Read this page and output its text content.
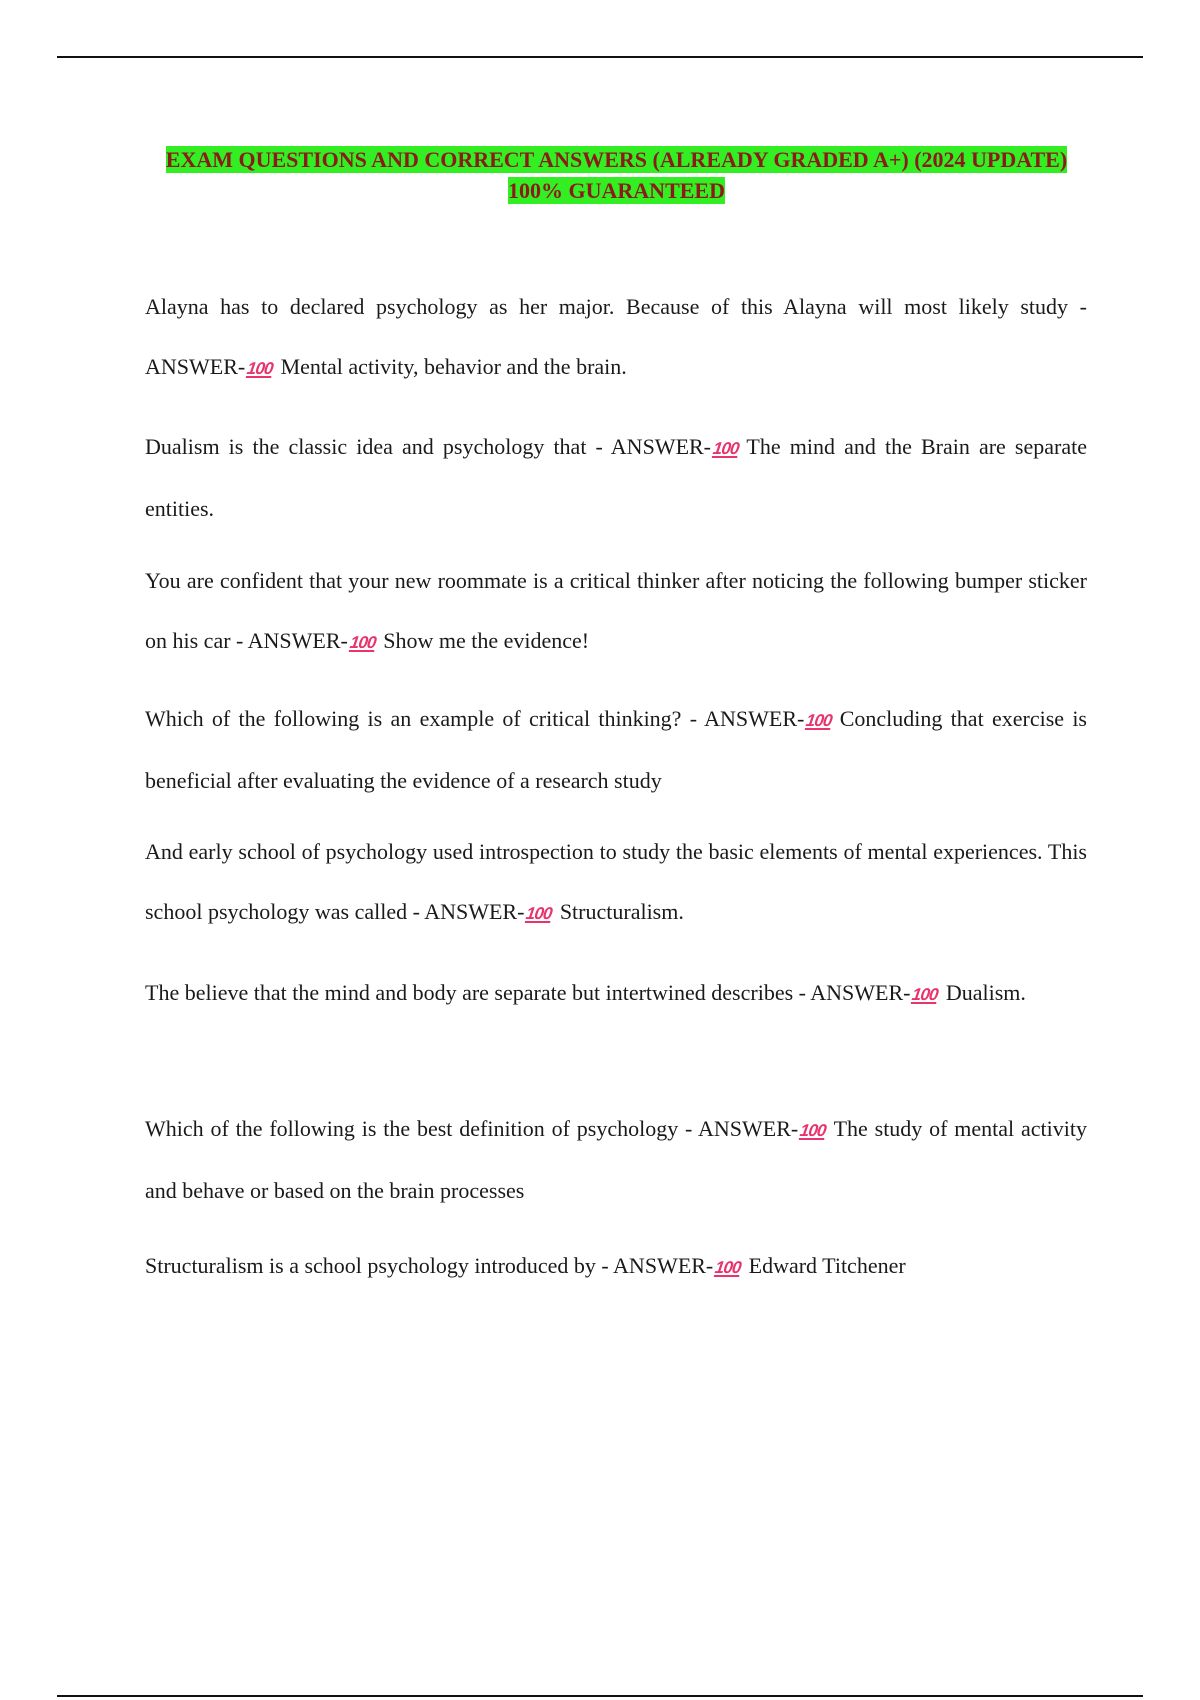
EXAM QUESTIONS AND CORRECT ANSWERS (ALREADY GRADED A+) (2024 UPDATE) 100% GUARANTEED
Alayna has to declared psychology as her major. Because of this Alayna will most likely study - ANSWER-100 Mental activity, behavior and the brain.
Dualism is the classic idea and psychology that - ANSWER-100 The mind and the Brain are separate entities.
You are confident that your new roommate is a critical thinker after noticing the following bumper sticker on his car - ANSWER-100 Show me the evidence!
Which of the following is an example of critical thinking? - ANSWER-100 Concluding that exercise is beneficial after evaluating the evidence of a research study
And early school of psychology used introspection to study the basic elements of mental experiences. This school psychology was called - ANSWER-100 Structuralism.
The believe that the mind and body are separate but intertwined describes - ANSWER-100 Dualism.
Which of the following is the best definition of psychology - ANSWER-100 The study of mental activity and behave or based on the brain processes
Structuralism is a school psychology introduced by - ANSWER-100 Edward Titchener
